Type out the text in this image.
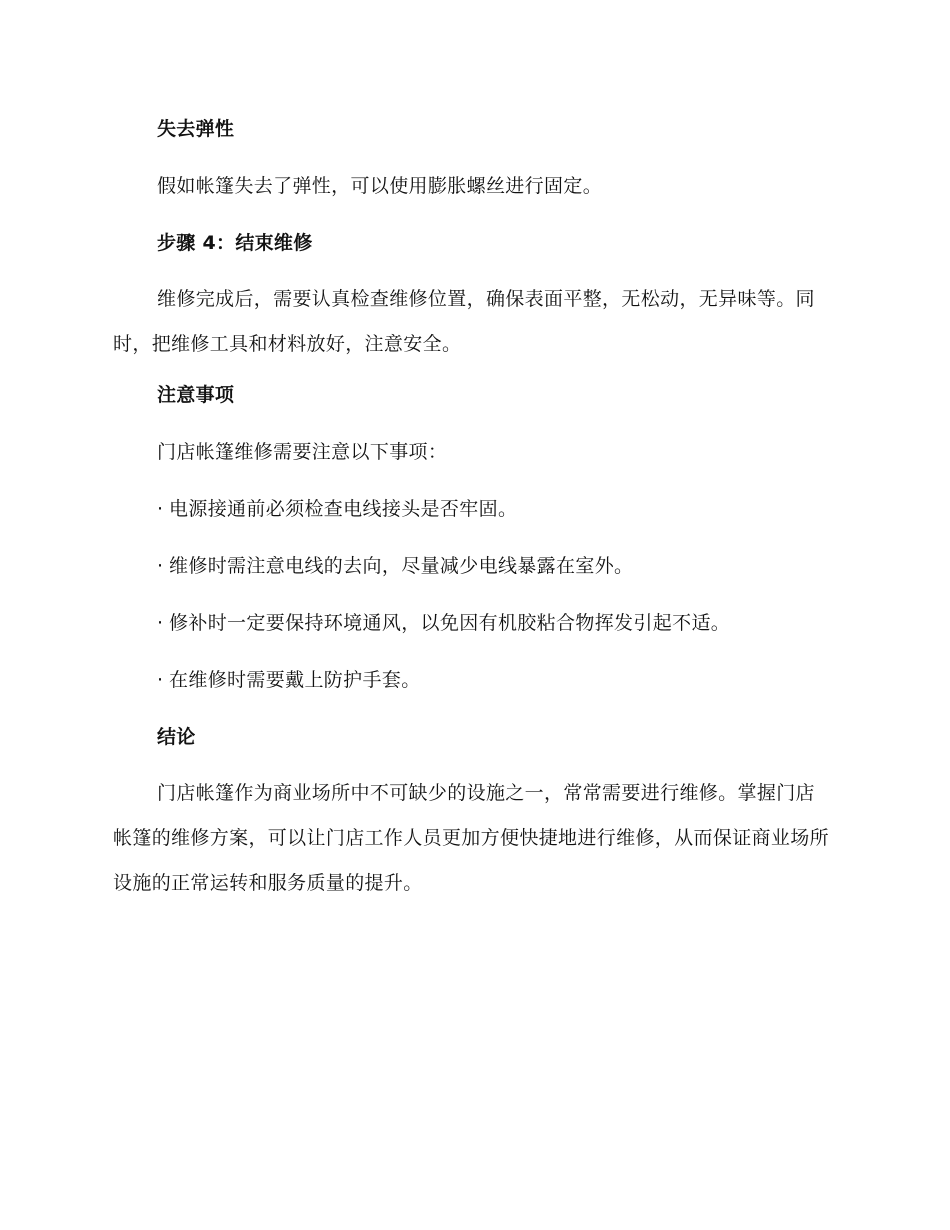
失去弹性
假如帐篷失去了弹性，可以使用膨胀螺丝进行固定。
步骤 4：结束维修
维修完成后，需要认真检查维修位置，确保表面平整，无松动，无异味等。同时，把维修工具和材料放好，注意安全。
注意事项
门店帐篷维修需要注意以下事项：
· 电源接通前必须检查电线接头是否牢固。
· 维修时需注意电线的去向，尽量减少电线暴露在室外。
· 修补时一定要保持环境通风，以免因有机胶粘合物挥发引起不适。
· 在维修时需要戴上防护手套。
结论
门店帐篷作为商业场所中不可缺少的设施之一，常常需要进行维修。掌握门店帐篷的维修方案，可以让门店工作人员更加方便快捷地进行维修，从而保证商业场所设施的正常运转和服务质量的提升。
